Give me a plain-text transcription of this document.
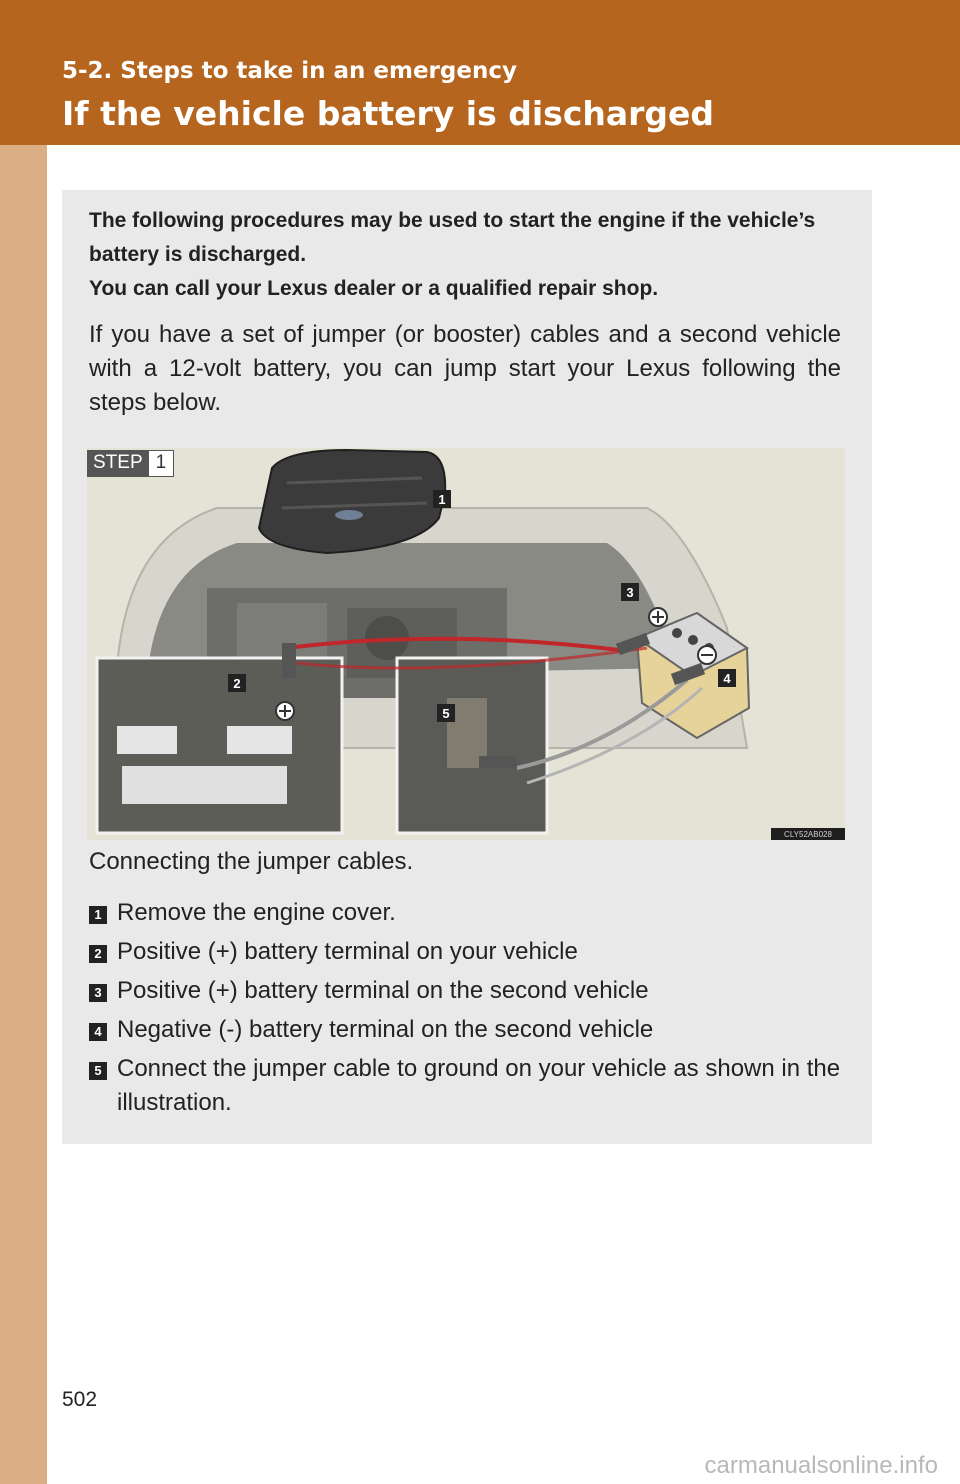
5-2. Steps to take in an emergency
If the vehicle battery is discharged

The following procedures may be used to start the engine if the vehicle’s battery is discharged.

You can call your Lexus dealer or a qualified repair shop.

If you have a set of jumper (or booster) cables and a second vehicle with a 12-volt battery, you can jump start your Lexus following the steps below.

1
2
3
4
5
CLY52AB028
STEP 1
Connecting the jumper cables.
1 Remove the engine cover.
2 Positive (+) battery terminal on your vehicle
3 Positive (+) battery terminal on the second vehicle
4 Negative (-) battery terminal on the second vehicle
5 Connect the jumper cable to ground on your vehicle as shown in the illustration.
502
carmanualsonline.info
